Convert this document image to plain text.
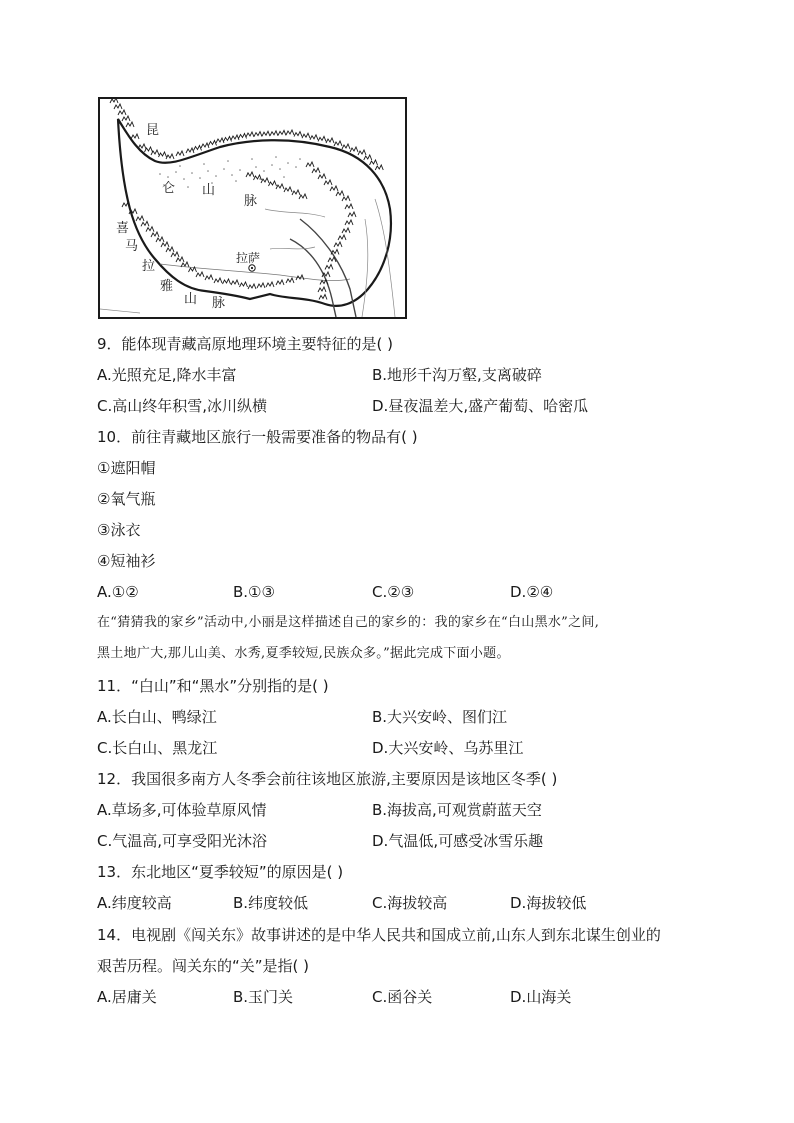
昆
仑 山
脉
喜
马
拉
雅
山 脉
拉萨
9．能体现青藏高原地理环境主要特征的是( )
A.光照充足,降水丰富	B.地形千沟万壑,支离破碎
C.高山终年积雪,冰川纵横	D.昼夜温差大,盛产葡萄、哈密瓜
10．前往青藏地区旅行一般需要准备的物品有( )
①遮阳帽
②氧气瓶
③泳衣
④短袖衫
A.①②	B.①③	C.②③	D.②④
在“猜猜我的家乡”活动中,小丽是这样描述自己的家乡的：我的家乡在“白山黑水”之间,
黑土地广大,那儿山美、水秀,夏季较短,民族众多。”据此完成下面小题。
11．“白山”和“黑水”分别指的是( )
A.长白山、鸭绿江	B.大兴安岭、图们江
C.长白山、黑龙江	D.大兴安岭、乌苏里江
12．我国很多南方人冬季会前往该地区旅游,主要原因是该地区冬季( )
A.草场多,可体验草原风情	B.海拔高,可观赏蔚蓝天空
C.气温高,可享受阳光沐浴	D.气温低,可感受冰雪乐趣
13．东北地区“夏季较短”的原因是( )
A.纬度较高	B.纬度较低	C.海拔较高	D.海拔较低
14．电视剧《闯关东》故事讲述的是中华人民共和国成立前,山东人到东北谋生创业的
艰苦历程。闯关东的“关”是指( )
A.居庸关	B.玉门关	C.函谷关	D.山海关
